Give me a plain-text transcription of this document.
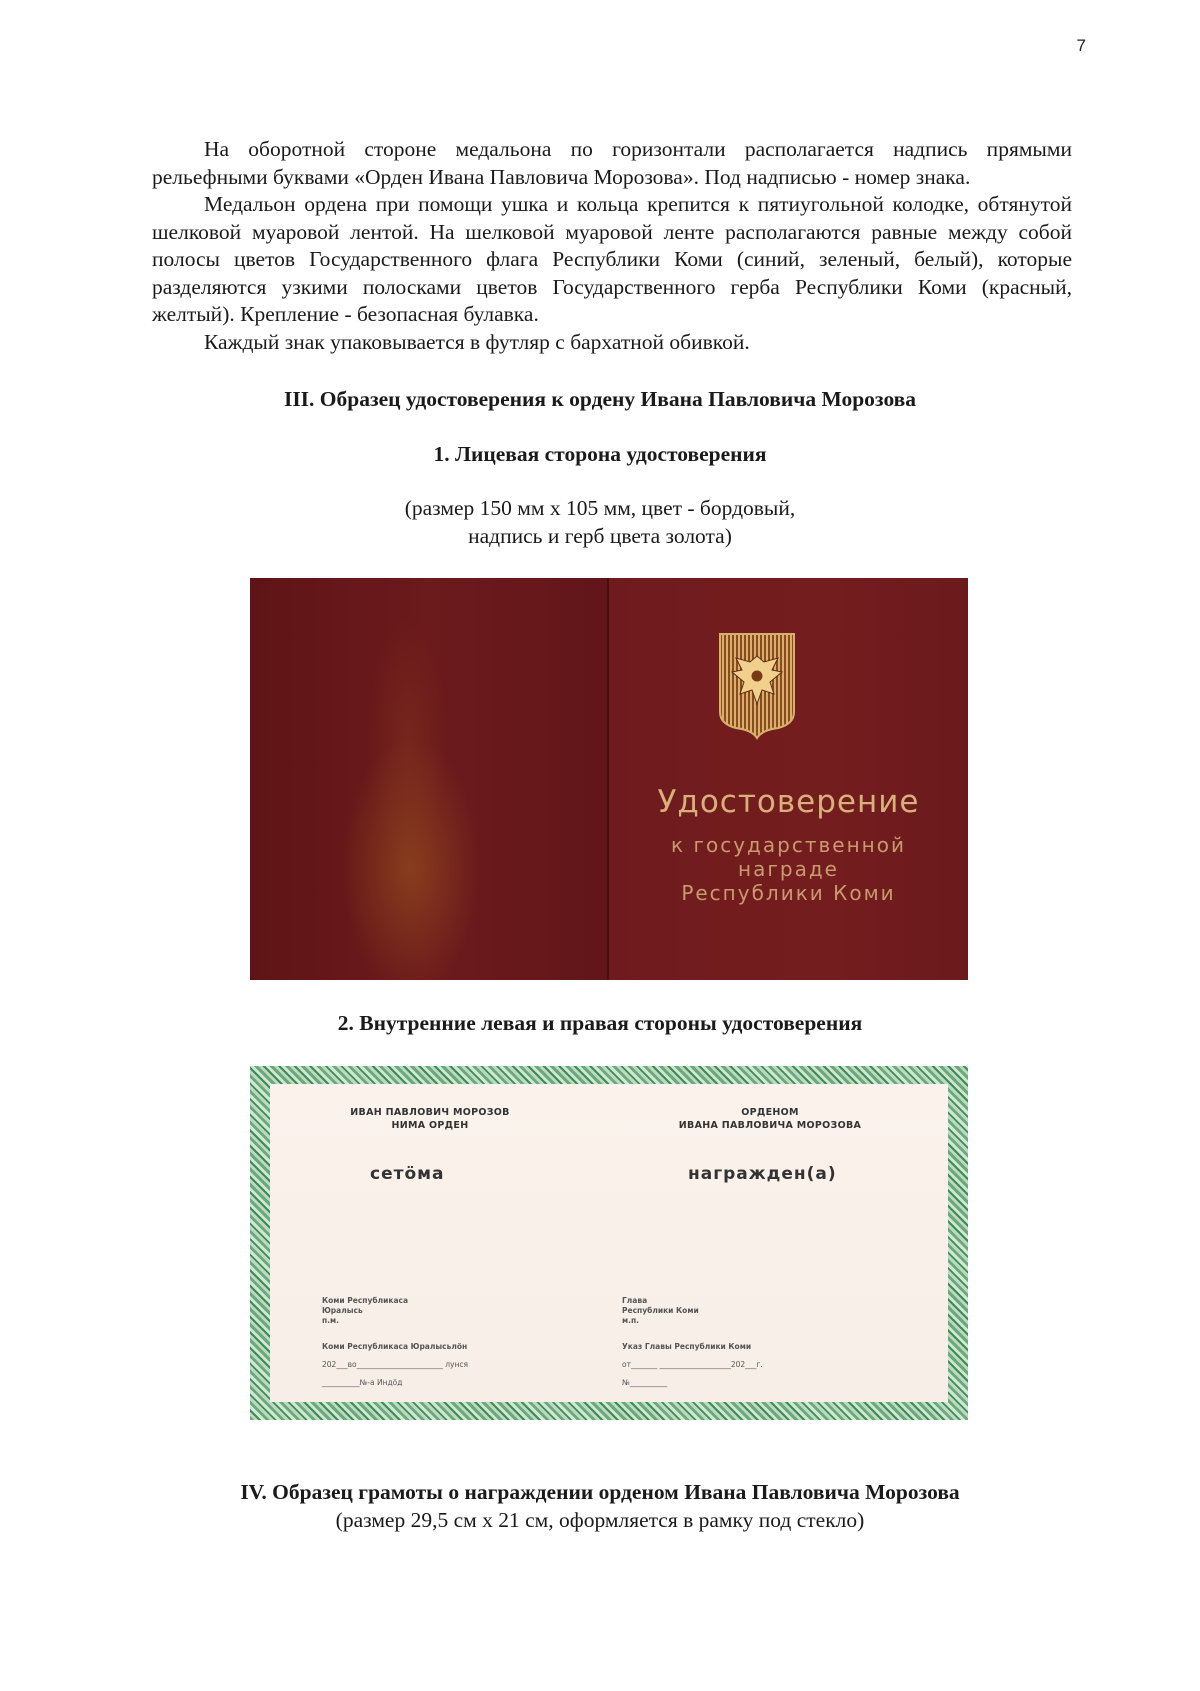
7

На оборотной стороне медальона по горизонтали располагается надпись прямыми рельефными буквами «Орден Ивана Павловича Морозова». Под надписью - номер знака.

Медальон ордена при помощи ушка и кольца крепится к пятиугольной колодке, обтянутой шелковой муаровой лентой. На шелковой муаровой ленте располагаются равные между собой полосы цветов Государственного флага Республики Коми (синий, зеленый, белый), которые разделяются узкими полосками цветов Государственного герба Республики Коми (красный, желтый). Крепление - безопасная булавка.

Каждый знак упаковывается в футляр с бархатной обивкой.

III. Образец удостоверения к ордену Ивана Павловича Морозова

1. Лицевая сторона удостоверения

(размер 150 мм х 105 мм, цвет - бордовый,
надпись и герб цвета золота)
Удостоверение
к государственной
награде
Республики Коми

2. Внутренние левая и правая стороны удостоверения

ИВАН ПАВЛОВИЧ МОРОЗОВ
НИМА ОРДЕН
ОРДЕНОМ
ИВАНА ПАВЛОВИЧА МОРОЗОВА
сетöма	награжден(а)
Коми Республикаса
Юралысь
п.м.
Коми Республикаса Юралысьлöн
202___во_______________________ лунся
__________№-а Индöд
Глава
Республики Коми
м.п.
Указ Главы Республики Коми
от_______ ___________________202___г.
№__________
IV. Образец грамоты о награждении орденом Ивана Павловича Морозова
(размер 29,5 см х 21 см, оформляется в рамку под стекло)
